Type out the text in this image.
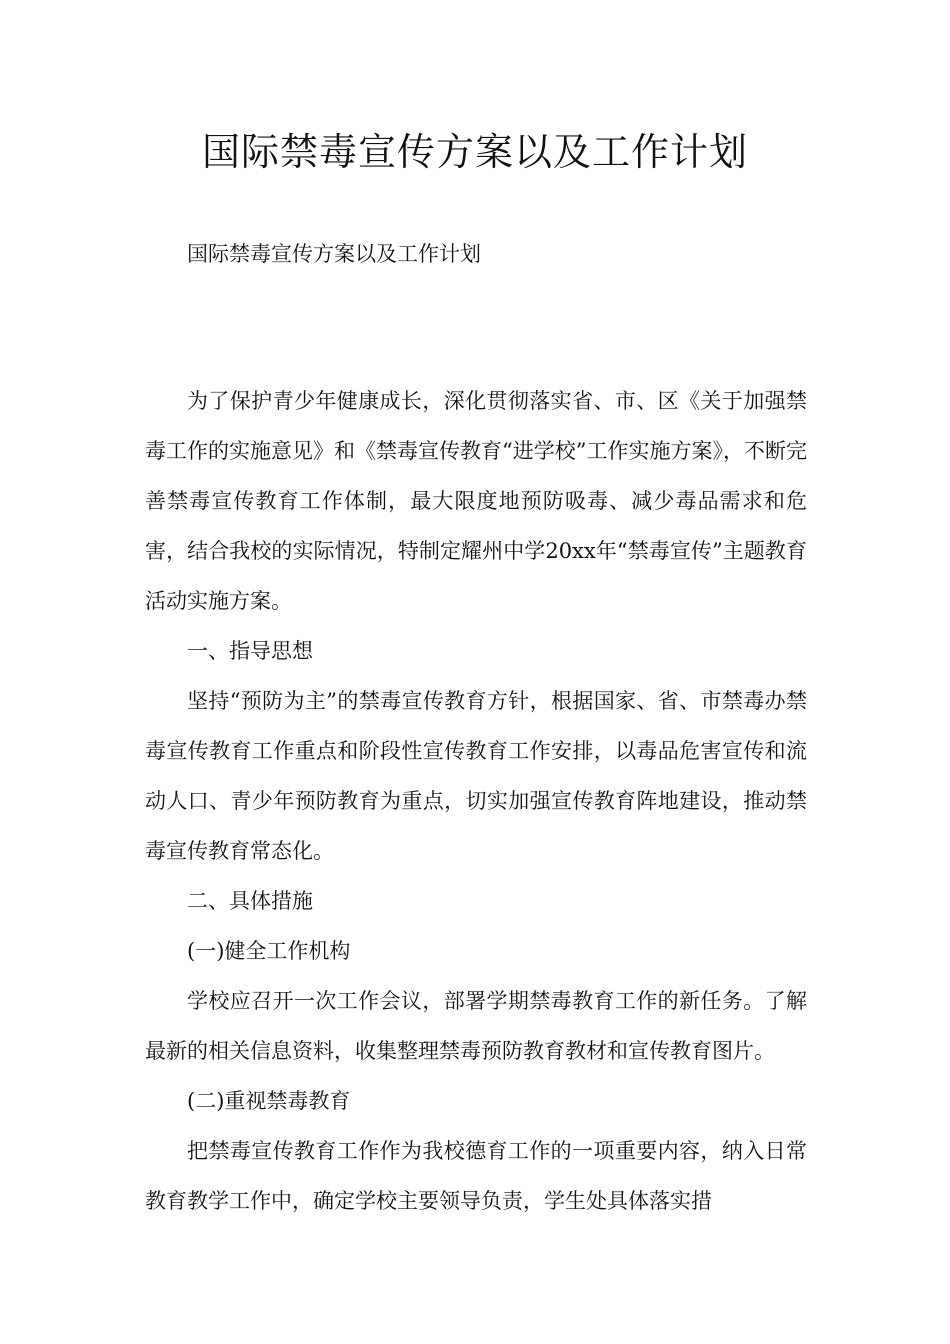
国际禁毒宣传方案以及工作计划

国际禁毒宣传方案以及工作计划

为了保护青少年健康成长，深化贯彻落实省、市、区《关于加强禁毒工作的实施意见》和《禁毒宣传教育“进学校”工作实施方案》，不断完善禁毒宣传教育工作体制，最大限度地预防吸毒、减少毒品需求和危害，结合我校的实际情况，特制定耀州中学20xx年“禁毒宣传”主题教育活动实施方案。

一、指导思想

坚持“预防为主”的禁毒宣传教育方针，根据国家、省、市禁毒办禁毒宣传教育工作重点和阶段性宣传教育工作安排，以毒品危害宣传和流动人口、青少年预防教育为重点，切实加强宣传教育阵地建设，推动禁毒宣传教育常态化。

二、具体措施

(一)健全工作机构

学校应召开一次工作会议，部署学期禁毒教育工作的新任务。了解最新的相关信息资料，收集整理禁毒预防教育教材和宣传教育图片。

(二)重视禁毒教育

把禁毒宣传教育工作作为我校德育工作的一项重要内容，纳入日常教育教学工作中，确定学校主要领导负责，学生处具体落实措
